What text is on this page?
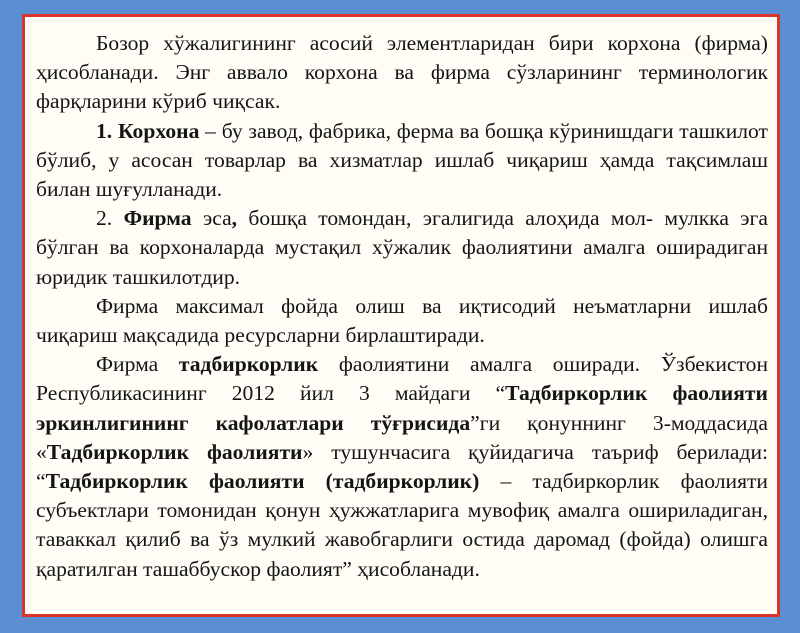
Бозор хўжалигининг асосий элементларидан бири корхона (фирма) ҳисобланади. Энг аввало корхона ва фирма сўзларининг терминологик фарқларини кўриб чиқсак.

1. Корхона – бу завод, фабрика, ферма ва бошқа кўринишдаги ташкилот бўлиб, у асосан товарлар ва хизматлар ишлаб чиқариш ҳамда тақсимлаш билан шуғулланади.

2. Фирма эса, бошқа томондан, эгалигида алоҳида мол- мулкка эга бўлган ва корхоналарда мустақил хўжалик фаолиятини амалга оширадиган юридик ташкилотдир.

Фирма максимал фойда олиш ва иқтисодий неъматларни ишлаб чиқариш мақсадида ресурсларни бирлаштиради.

Фирма тадбиркорлик фаолиятини амалга оширади. Ўзбекистон Республикасининг 2012 йил 3 майдаги “Тадбиркорлик фаолияти эркинлигининг кафолатлари тўғрисида”ги қонуннинг 3-моддасида «Тадбиркорлик фаолияти» тушунчасига қуйидагича таъриф берилади: “Тадбиркорлик фаолияти (тадбиркорлик) – тадбиркорлик фаолияти субъектлари томонидан қонун ҳужжатларига мувофиқ амалга ошириладиган, таваккал қилиб ва ўз мулкий жавобгарлиги остида даромад (фойда) олишга қаратилган ташаббускор фаолият” ҳисобланади.
